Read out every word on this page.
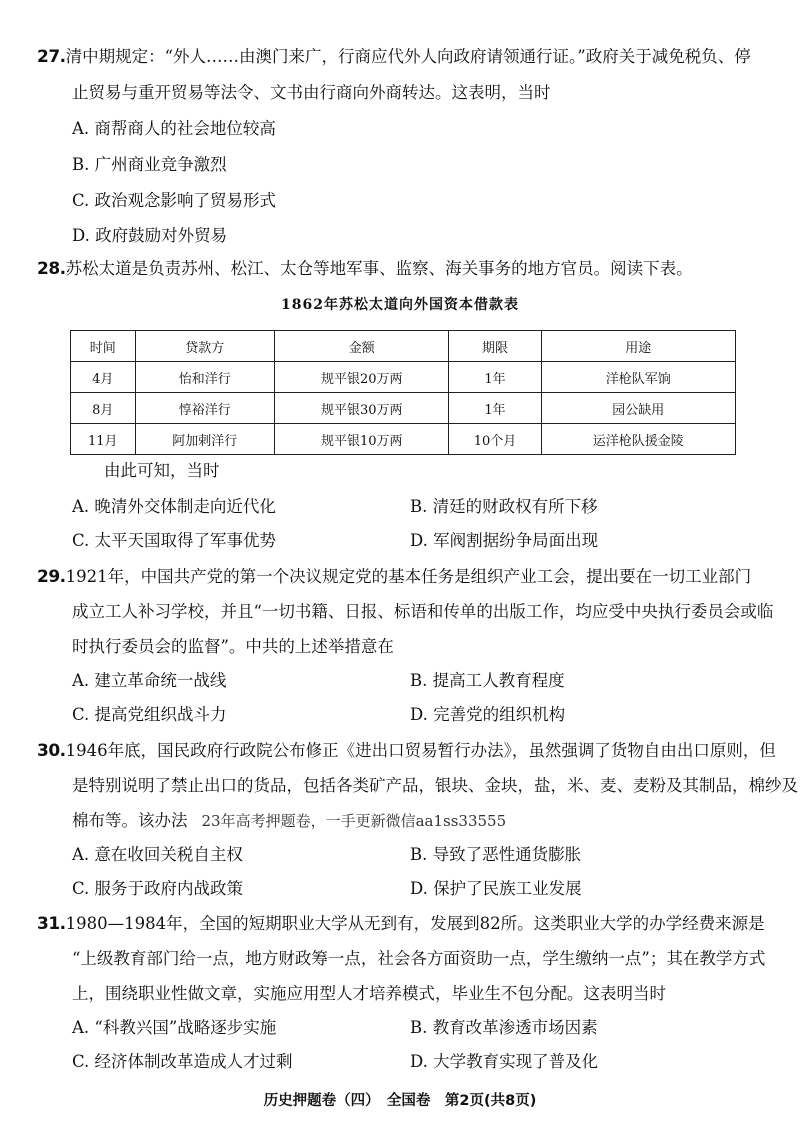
27.清中期规定：“外人……由澳门来广，行商应代外人向政府请领通行证。”政府关于减免税负、停
止贸易与重开贸易等法令、文书由行商向外商转达。这表明，当时
A. 商帮商人的社会地位较高
B. 广州商业竞争激烈
C. 政治观念影响了贸易形式
D. 政府鼓励对外贸易
28.苏松太道是负责苏州、松江、太仓等地军事、监察、海关事务的地方官员。阅读下表。
1862年苏松太道向外国资本借款表
时间	贷款方	金额	期限	用途
4月	怡和洋行	规平银20万两	1年	洋枪队军饷
8月	惇裕洋行	规平银30万两	1年	园公缺用
11月	阿加剌洋行	规平银10万两	10个月	运洋枪队援金陵
由此可知，当时
A. 晚清外交体制走向近代化	B. 清廷的财政权有所下移
C. 太平天国取得了军事优势	D. 军阀割据纷争局面出现
29.1921年，中国共产党的第一个决议规定党的基本任务是组织产业工会，提出要在一切工业部门
成立工人补习学校，并且“一切书籍、日报、标语和传单的出版工作，均应受中央执行委员会或临
时执行委员会的监督”。中共的上述举措意在
A. 建立革命统一战线	B. 提高工人教育程度
C. 提高党组织战斗力	D. 完善党的组织机构
30.1946年底，国民政府行政院公布修正《进出口贸易暂行办法》，虽然强调了货物自由出口原则，但
是特别说明了禁止出口的货品，包括各类矿产品，银块、金块，盐，米、麦、麦粉及其制品，棉纱及
棉布等。该办法 23年高考押题卷，一手更新微信aa1ss33555
A. 意在收回关税自主权	B. 导致了恶性通货膨胀
C. 服务于政府内战政策	D. 保护了民族工业发展
31.1980—1984年，全国的短期职业大学从无到有，发展到82所。这类职业大学的办学经费来源是
“上级教育部门给一点，地方财政筹一点，社会各方面资助一点，学生缴纳一点”；其在教学方式
上，围绕职业性做文章，实施应用型人才培养模式，毕业生不包分配。这表明当时
A. “科教兴国”战略逐步实施	B. 教育改革渗透市场因素
C. 经济体制改革造成人才过剩	D. 大学教育实现了普及化
历史押题卷（四）　全国卷　第2页(共8页)
